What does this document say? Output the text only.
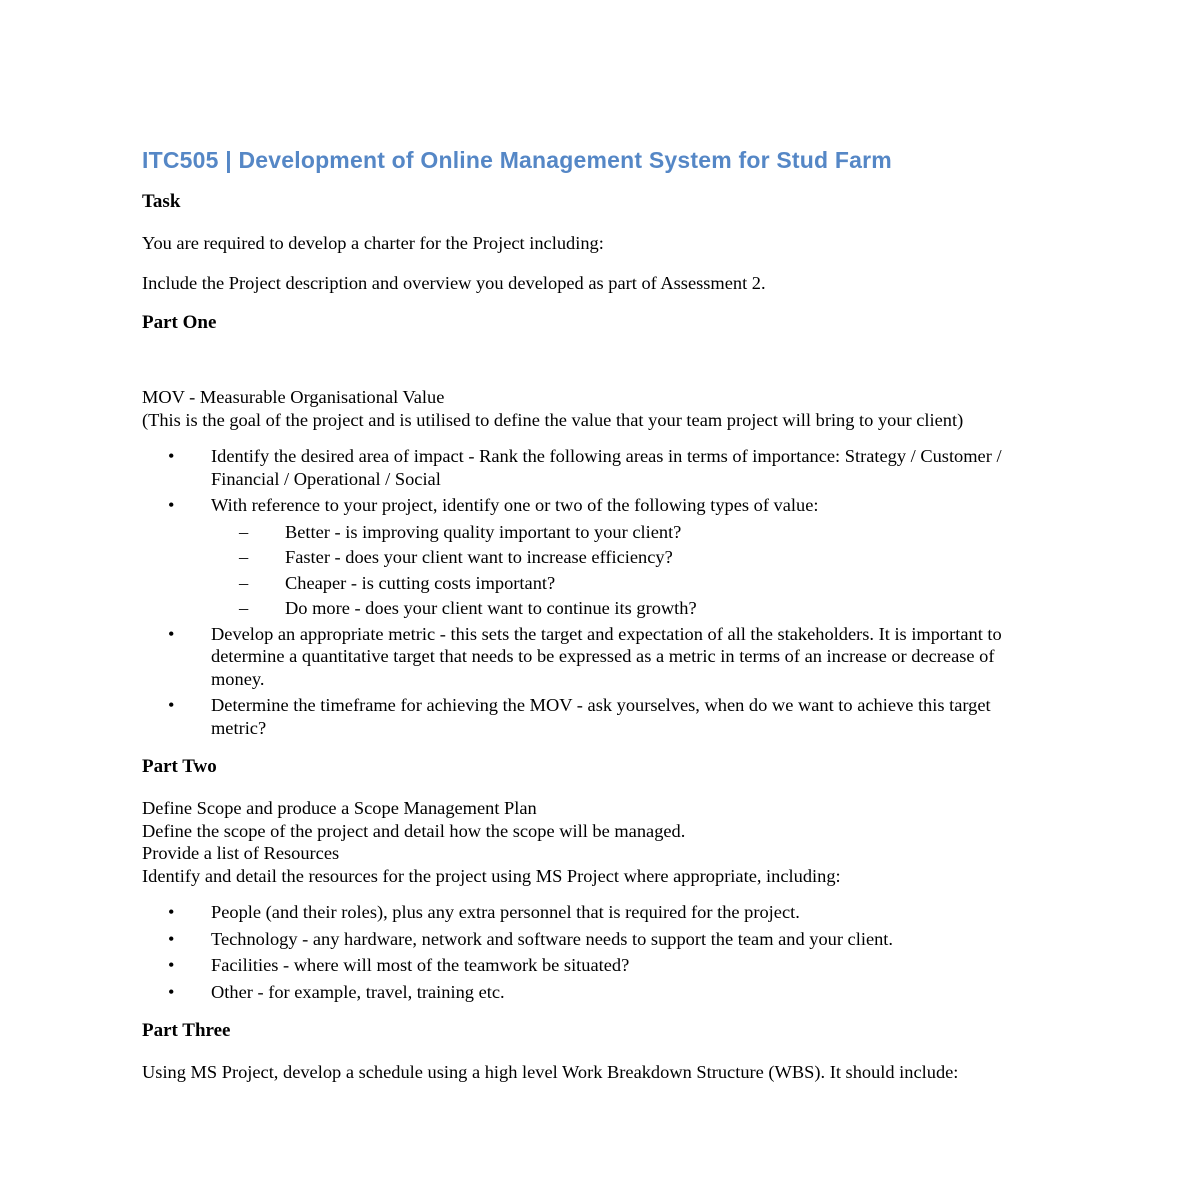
ITC505 | Development of Online Management System for Stud Farm
Task

You are required to develop a charter for the Project including:

Include the Project description and overview you developed as part of Assessment 2.

Part One
MOV - Measurable Organisational Value
(This is the goal of the project and is utilised to define the value that your team project will bring to your client)
•	Identify the desired area of impact - Rank the following areas in terms of importance: Strategy / Customer / Financial / Operational / Social
•	With reference to your project, identify one or two of the following types of value:
–	Better - is improving quality important to your client?
–	Faster - does your client want to increase efficiency?
–	Cheaper - is cutting costs important?
–	Do more - does your client want to continue its growth?
•	Develop an appropriate metric - this sets the target and expectation of all the stakeholders. It is important to determine a quantitative target that needs to be expressed as a metric in terms of an increase or decrease of money.
•	Determine the timeframe for achieving the MOV - ask yourselves, when do we want to achieve this target metric?
Part Two
Define Scope and produce a Scope Management Plan
Define the scope of the project and detail how the scope will be managed.
Provide a list of Resources
Identify and detail the resources for the project using MS Project where appropriate, including:
•	People (and their roles), plus any extra personnel that is required for the project.
•	Technology - any hardware, network and software needs to support the team and your client.
•	Facilities - where will most of the teamwork be situated?
•	Other - for example, travel, training etc.
Part Three

Using MS Project, develop a schedule using a high level Work Breakdown Structure (WBS). It should include:
